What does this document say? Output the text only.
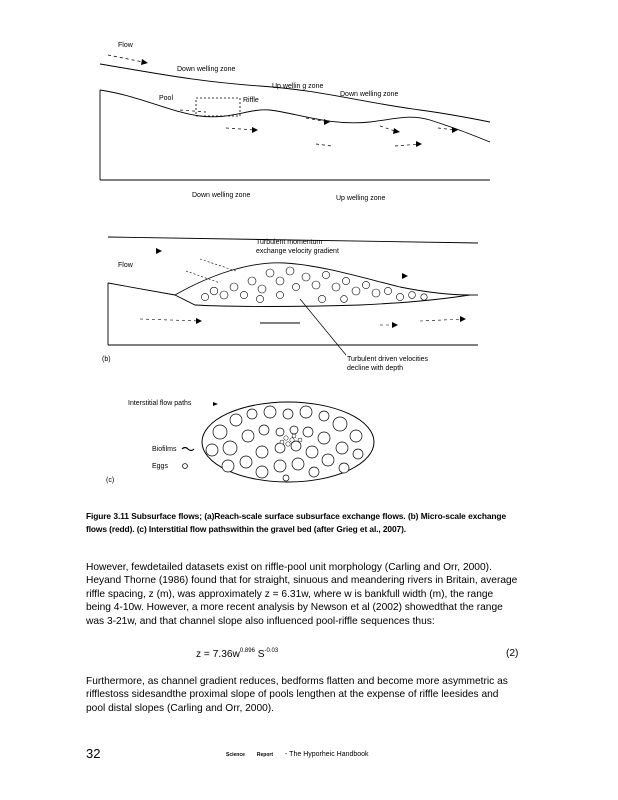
Flow
Down welling zone
Up wellin g zone
Down welling zone
Pool	Riffle
Down welling zone	Up welling zone
Turbulent momentum
exchange velocity gradient
Flow
(b)	Turbulent driven velocities
decline with depth
Interstitial flow paths
Biofilms
Eggs
(c)
Figure 3.11 Subsurface flows; (a)Reach-scale surface subsurface exchange flows. (b) Micro-scale exchange flows (redd). (c) Interstitial flow pathswithin the gravel bed (after Grieg et al., 2007).
However, fewdetailed datasets exist on riffle-pool unit morphology (Carling and Orr, 2000). Heyand Thorne (1986) found that for straight, sinuous and meandering rivers in Britain, average riffle spacing, z (m), was approximately z = 6.31w, where w is bankfull width (m), the range being 4-10w. However, a more recent analysis by Newson et al (2002) showedthat the range was 3-21w, and that channel slope also influenced pool-riffle sequences thus:
$z = 7.36w^{0.896}$ $S^{-0.03}$	(2)
Furthermore, as channel gradient reduces, bedforms flatten and become more asymmetric as rifflestoss sidesandthe proximal slope of pools lengthen at the expense of riffle leesides and pool distal slopes (Carling and Orr, 2000).
32	Science Report - The Hyporheic Handbook
